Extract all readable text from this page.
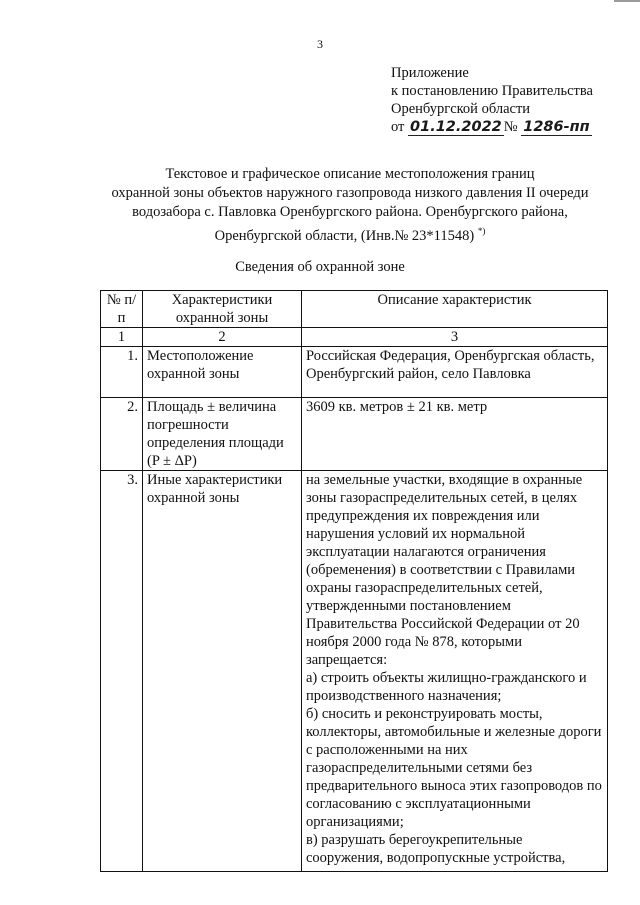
3
Приложение
к постановлению Правительства
Оренбургской области
от 01.12.2022 № 1286-пп
Текстовое и графическое описание местоположения границ
охранной зоны объектов наружного газопровода низкого давления II очереди
водозабора с. Павловка Оренбургского района. Оренбургского района,
Оренбургской области, (Инв.№ 23*11548) *)
Сведения об охранной зоне
№ п/п	Характеристики охранной зоны	Описание характеристик
1	2	3
1.	Местоположение охранной зоны	Российская Федерация, Оренбургская область, Оренбургский район, село Павловка

2.	Площадь ± величина погрешности определения площади (P ± ΔP)	3609 кв. метров ± 21 кв. метр

3.	Иные характеристики охранной зоны	на земельные участки, входящие в охранные зоны газораспределительных сетей, в целях предупреждения их повреждения или нарушения условий их нормальной эксплуатации налагаются ограничения (обременения) в соответствии с Правилами охраны газораспределительных сетей, утвержденными постановлением Правительства Российской Федерации от 20 ноября 2000 года № 878, которыми запрещается:

а) строить объекты жилищно-гражданского и производственного назначения;

б) сносить и реконструировать мосты, коллекторы, автомобильные и железные дороги с расположенными на них газораспределительными сетями без предварительного выноса этих газопроводов по согласованию с эксплуатационными организациями;

в) разрушать берегоукрепительные сооружения, водопропускные устройства,
